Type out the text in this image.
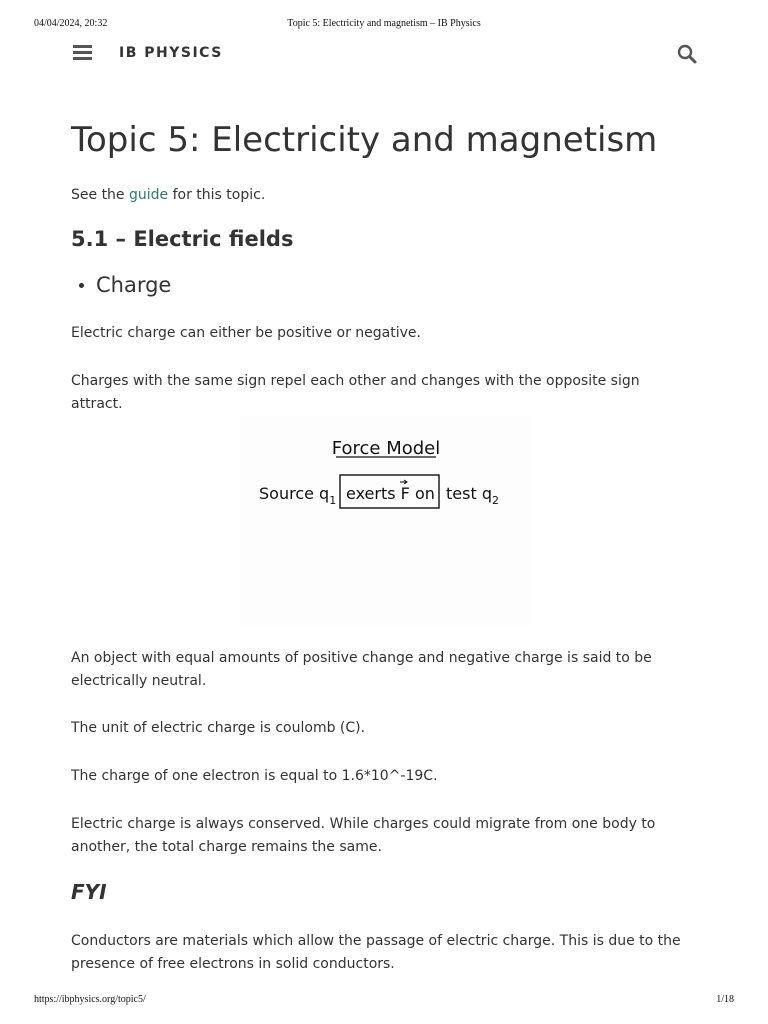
04/04/2024, 20:32	Topic 5: Electricity and magnetism – IB Physics
IB PHYSICS
Topic 5: Electricity and magnetism

See the guide for this topic.

5.1 – Electric fields
Charge

Electric charge can either be positive or negative.

Charges with the same sign repel each other and changes with the opposite sign attract.

Force Model
Source $q_1$ exerts F on test $q_2$

An object with equal amounts of positive change and negative charge is said to be electrically neutral.

The unit of electric charge is coulomb (C).

The charge of one electron is equal to 1.6*10^-19C.

Electric charge is always conserved. While charges could migrate from one body to another, the total charge remains the same.

FYI

Conductors are materials which allow the passage of electric charge. This is due to the presence of free electrons in solid conductors.

https://ibphysics.org/topic5/	1/18
